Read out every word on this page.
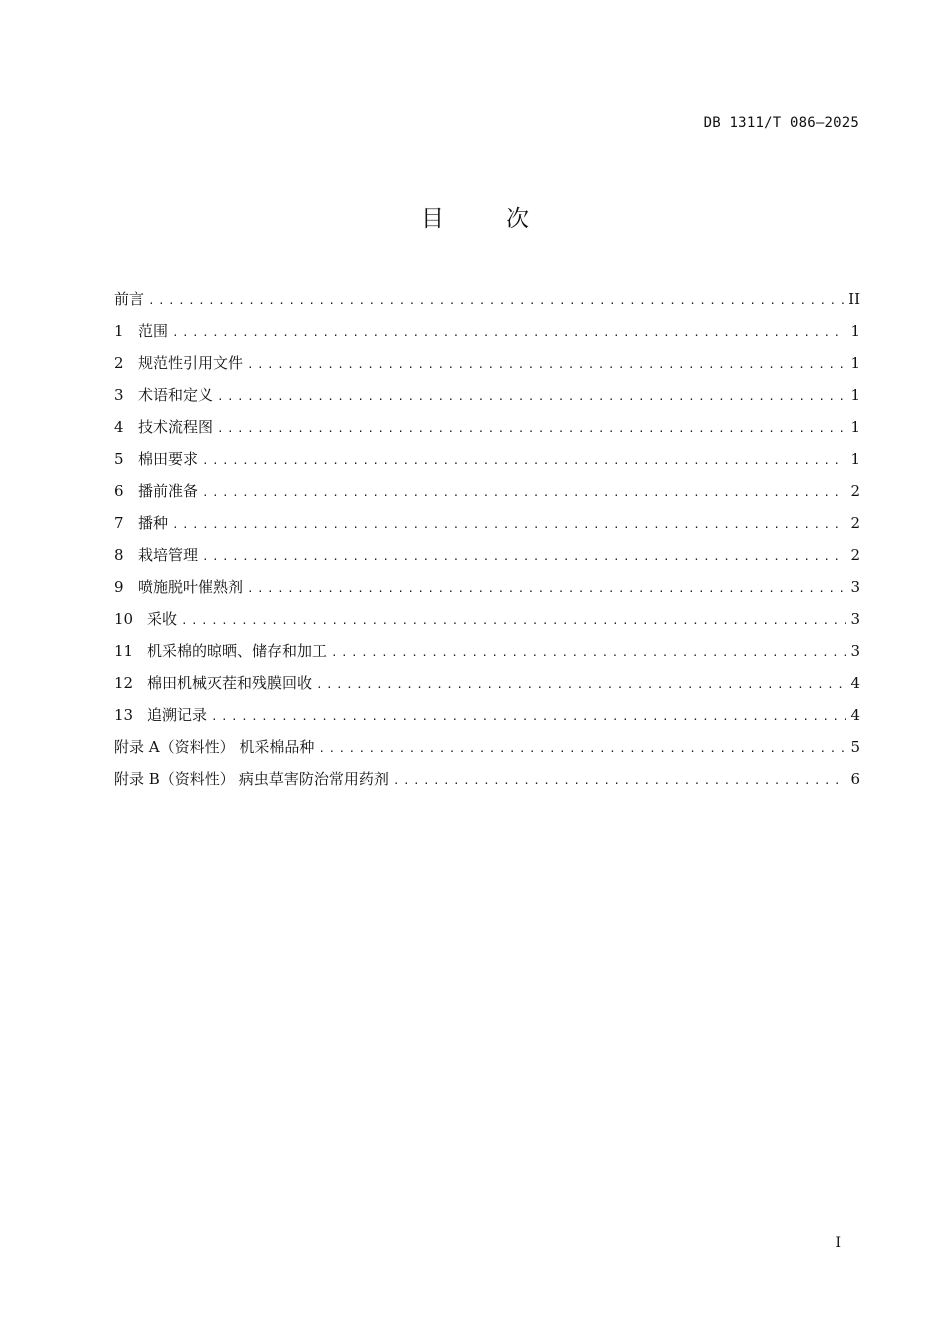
DB 1311/T 086—2025
目次
前言 .....	II
1 范围 .....	1
2 规范性引用文件 .....	1
3 术语和定义 .....	1
4 技术流程图 .....	1
5 棉田要求 .....	1
6 播前准备 .....	2
7 播种 .....	2
8 栽培管理 .....	2
9 喷施脱叶催熟剂 .....	3
10 采收 .....	3
11 机采棉的晾晒、储存和加工 .....	3
12 棉田机械灭茬和残膜回收 .....	4
13 追溯记录 .....	4
附录 A（资料性） 机采棉品种 .....	5
附录 B（资料性） 病虫草害防治常用药剂 .....	6
I
